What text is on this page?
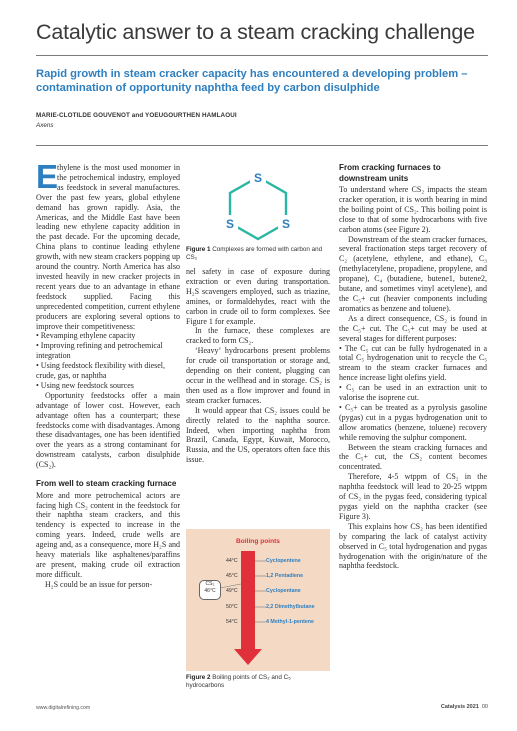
Catalytic answer to a steam cracking challenge
Rapid growth in steam cracker capacity has encountered a developing problem – contamination of opportunity naphtha feed by carbon disulphide
MARIE-CLOTILDE GOUVENOT and YOEUGOURTHEN HAMLAOUI
Axens

E
thylene is the most used monomer in the petrochemical industry, employed as feedstock in several manufactures. Over the past few years, global ethylene demand has grown rapidly. Asia, the Americas, and the Middle East have been leading new ethylene capacity addition in the past decade. For the upcoming decade, China plans to continue leading ethylene growth, with new steam crackers popping up around the country. North America has also invested heavily in new cracker projects in recent years due to an advantage in ethane feedstock supplied. Facing this unprecedented competition, current ethylene producers are exploring several options to improve their competitiveness:

• Revamping ethylene capacity

• Improving refining and petrochemical integration

• Using feedstock flexibility with diesel, crude, gas, or naphtha

• Using new feedstock sources

Opportunity feedstocks offer a main advantage of lower cost. However, each advantage often has a counterpart; these feedstocks come with disadvantages. Among these disadvantages, one has been identified over the years as a strong contaminant for downstream catalysts, carbon disulphide (CS₂).

From well to steam cracking furnace

More and more petrochemical actors are facing high CS₂ content in the feedstock for their naphtha steam crackers, and this tendency is expected to increase in the coming years. Indeed, crude wells are ageing and, as a consequence, more H₂S and heavy materials like asphaltenes/paraffins are present, making crude oil extraction more difficult.

H₂S could be an issue for person-

S
S	S
Figure 1 Complexes are formed with carbon and CS₂

nel safety in case of exposure during extraction or even during transportation. H₂S scavengers employed, such as triazine, amines, or formaldehydes, react with the carbon in crude oil to form complexes. See Figure 1 for example.

In the furnace, these complexes are cracked to form CS₂.

‘Heavy’ hydrocarbons present problems for crude oil transportation or storage and, depending on their content, plugging can occur in the wellhead and in storage. CS₂ is then used as a flow improver and found in steam cracker furnaces.

It would appear that CS₂ issues could be directly related to the naphtha source. Indeed, when importing naphtha from Brazil, Canada, Egypt, Kuwait, Morocco, Russia, and the US, operators often face this issue.

Boiling points
44°C	Cyclopentene
45°C	1,2 Pentadiene
49°C	Cyclopentane
50°C	2,2 Dimethylbutane
54°C	4 Methyl-1-pentene
CS₂
46°C
Figure 2 Boiling points of CS₂ and C₅ hydrocarbons
From cracking furnaces to downstream units

To understand where CS₂ impacts the steam cracker operation, it is worth bearing in mind the boiling point of CS₂. This boiling point is close to that of some hydrocarbons with five carbon atoms (see Figure 2).

Downstream of the steam cracker furnaces, several fractionation steps target recovery of C₂ (acetylene, ethylene, and ethane), C₃ (methylacetylene, propadiene, propylene, and propane), C₄ (butadiene, butene1, butene2, butane, and sometimes vinyl acetylene), and the C₅+ cut (heavier components including aromatics as benzene and toluene).

As a direct consequence, CS₂ is found in the C₅+ cut. The C₅+ cut may be used at several stages for different purposes:

• The C₅ cut can be fully hydrogenated in a total C₅ hydrogenation unit to recycle the C₅ stream to the steam cracker furnaces and hence increase light olefins yield.

• C₅ can be used in an extraction unit to valorise the isoprene cut.

• C₅+ can be treated as a pyrolysis gasoline (pygas) cut in a pygas hydrogenation unit to allow aromatics (benzene, toluene) recovery while removing the sulphur component.

Between the steam cracking furnaces and the C₅+ cut, the CS₂ content becomes concentrated.

Therefore, 4-5 wtppm of CS₂ in the naphtha feedstock will lead to 20-25 wtppm of CS₂ in the pygas feed, considering typical pygas yield on the naphtha cracker (see Figure 3).

This explains how CS₂ has been identified by comparing the lack of catalyst activity observed in C₅ total hydrogenation and pygas hydrogenation with the origin/nature of the naphtha feedstock.

www.digitalrefining.com	Catalysis 2021 00
